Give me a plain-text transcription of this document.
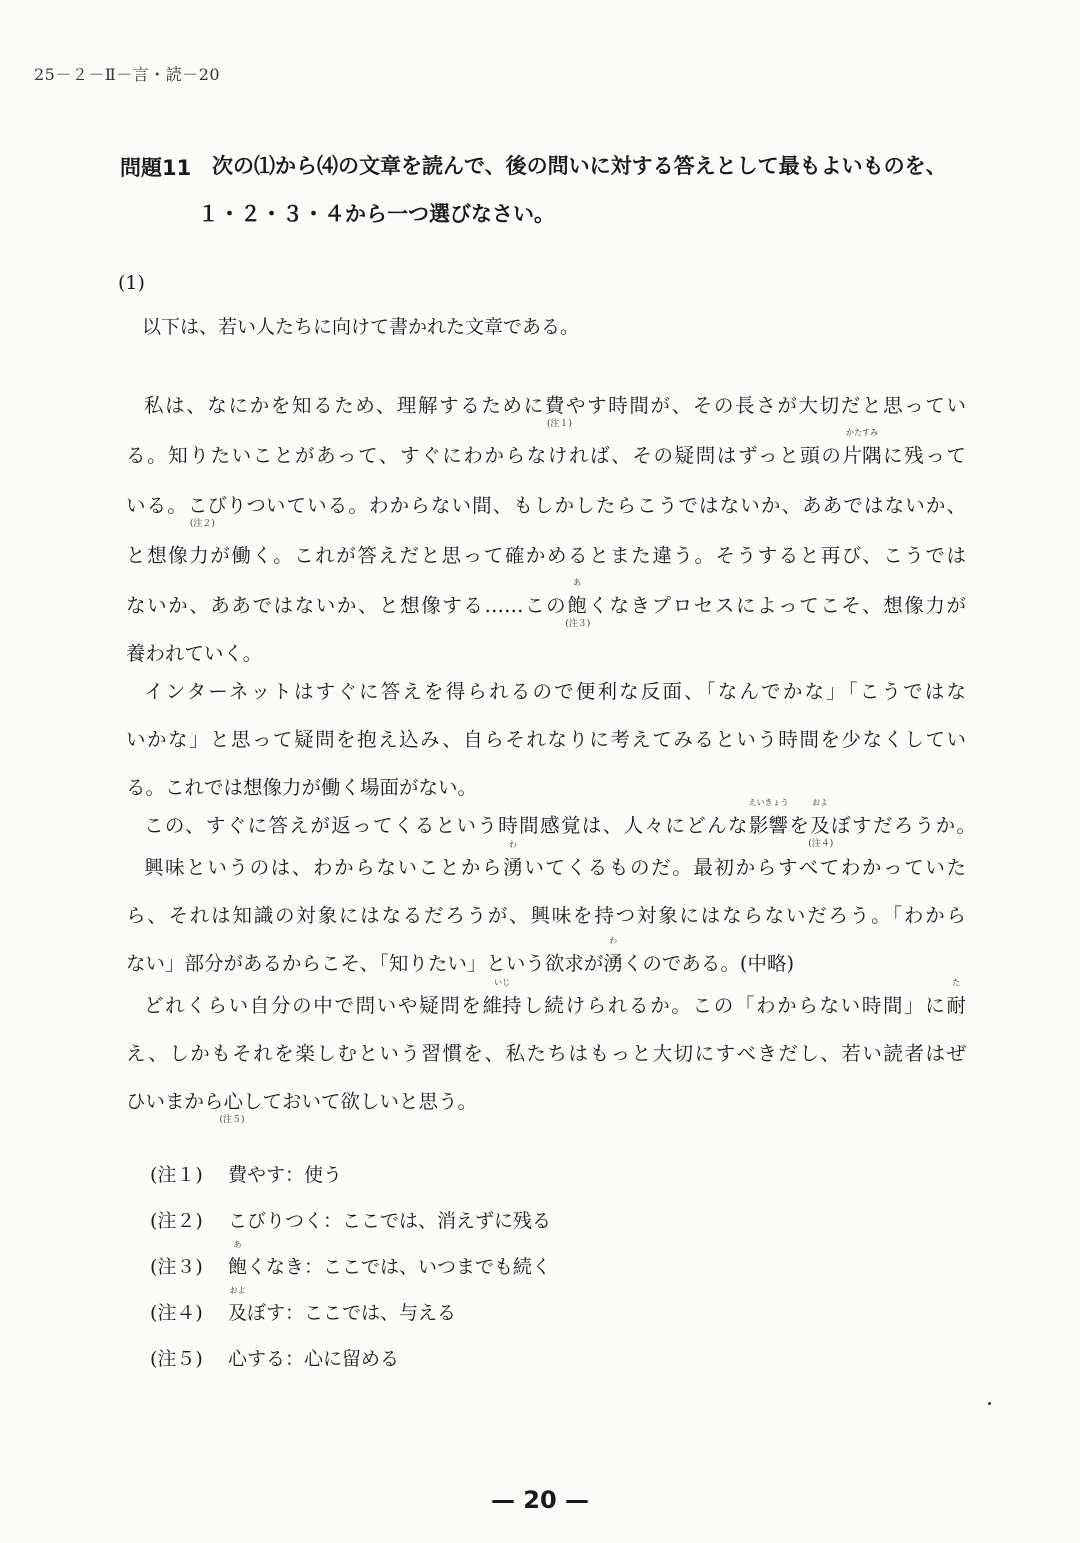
25－２－Ⅱ－言・読－20
問題11 次の⑴から⑷の文章を読んで、後の問いに対する答えとして最もよいものを、
１・２・３・４から一つ選びなさい。
(1)
以下は、若い人たちに向けて書かれた文章である。
私は、なにかを知るため、理解するために費
(注１)
やす時間が、その長さが大切だと思ってい
る。知りたいことがあって、すぐにわからなければ、その疑問はずっと頭の
かたすみ
片隅に残って
いる。こびりつい
(注２)
ている。わからない間、もしかしたらこうではないか、ああではないか、
と想像力が働く。これが答えだと思って確かめるとまた違う。そうすると再び、こうでは
ないか、ああではないか、と想像する……この
あ
飽
(注３)
くなきプロセスによってこそ、想像力が
養われていく。
インターネットはすぐに答えを得られるので便利な反面、「なんでかな」「こうではな
いかな」と思って疑問を抱え込み、自らそれなりに考えてみるという時間を少なくしてい
る。これでは想像力が働く場面がない。
この、すぐに答えが返ってくるという時間感覚は、人々にどんな
えいきょう
影響を
およ
及
(注４)
ぼすだろうか。
興味というのは、わからないことから
わ
湧いてくるものだ。最初からすべてわかっていた
ら、それは知識の対象にはなるだろうが、興味を持つ対象にはならないだろう。「わから
ない」部分があるからこそ、「知りたい」という欲求が
わ
湧くのである。(中略)
どれくらい自分の中で問いや疑問を
いじ
維持し続けられるか。この「わからない時間」に
た
耐
え、しかもそれを楽しむという習慣を、私たちはもっと大切にすべきだし、若い読者はぜ
ひいまから心
(注５)
しておいて欲しいと思う。
(注１) 費やす：使う
(注２) こびりつく：ここでは、消えずに残る
(注３)
あ
飽くなき：ここでは、いつまでも続く
(注４)
およ
及ぼす：ここでは、与える
(注５) 心する：心に留める
— 20 —
